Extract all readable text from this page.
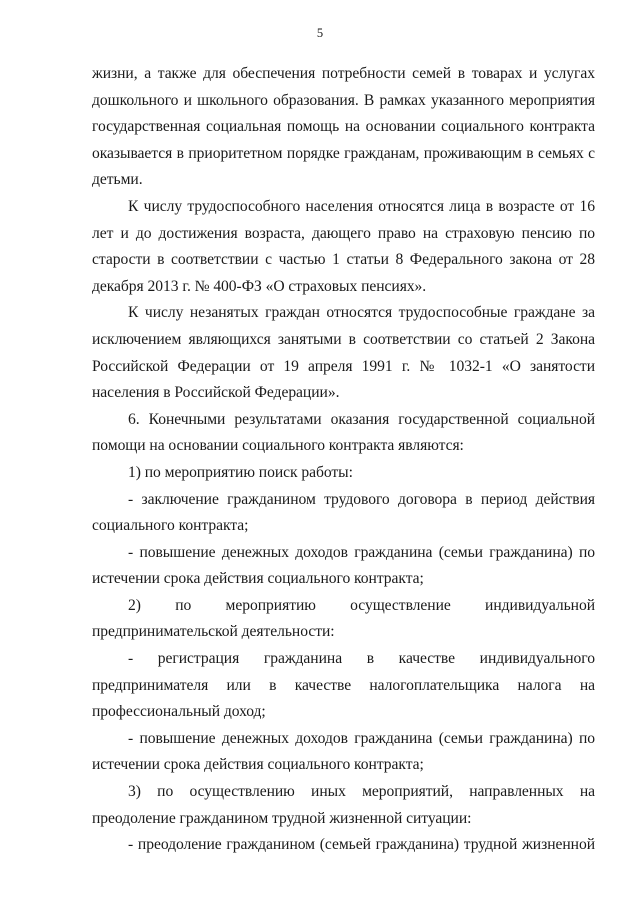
5

жизни, а также для обеспечения потребности семей в товарах и услугах дошкольного и школьного образования. В рамках указанного мероприятия государственная социальная помощь на основании социального контракта оказывается в приоритетном порядке гражданам, проживающим в семьях с детьми.

К числу трудоспособного населения относятся лица в возрасте от 16 лет и до достижения возраста, дающего право на страховую пенсию по старости в соответствии с частью 1 статьи 8 Федерального закона от 28 декабря 2013 г. № 400-ФЗ «О страховых пенсиях».

К числу незанятых граждан относятся трудоспособные граждане за исключением являющихся занятыми в соответствии со статьей 2 Закона Российской Федерации от 19 апреля 1991 г. № 1032-1 «О занятости населения в Российской Федерации».

6. Конечными результатами оказания государственной социальной помощи на основании социального контракта являются:

1) по мероприятию поиск работы:

- заключение гражданином трудового договора в период действия социального контракта;

- повышение денежных доходов гражданина (семьи гражданина) по истечении срока действия социального контракта;

2) по мероприятию осуществление индивидуальной предпринимательской деятельности:

- регистрация гражданина в качестве индивидуального предпринимателя или в качестве налогоплательщика налога на профессиональный доход;

- повышение денежных доходов гражданина (семьи гражданина) по истечении срока действия социального контракта;

3) по осуществлению иных мероприятий, направленных на преодоление гражданином трудной жизненной ситуации:

- преодоление гражданином (семьей гражданина) трудной жизненной
